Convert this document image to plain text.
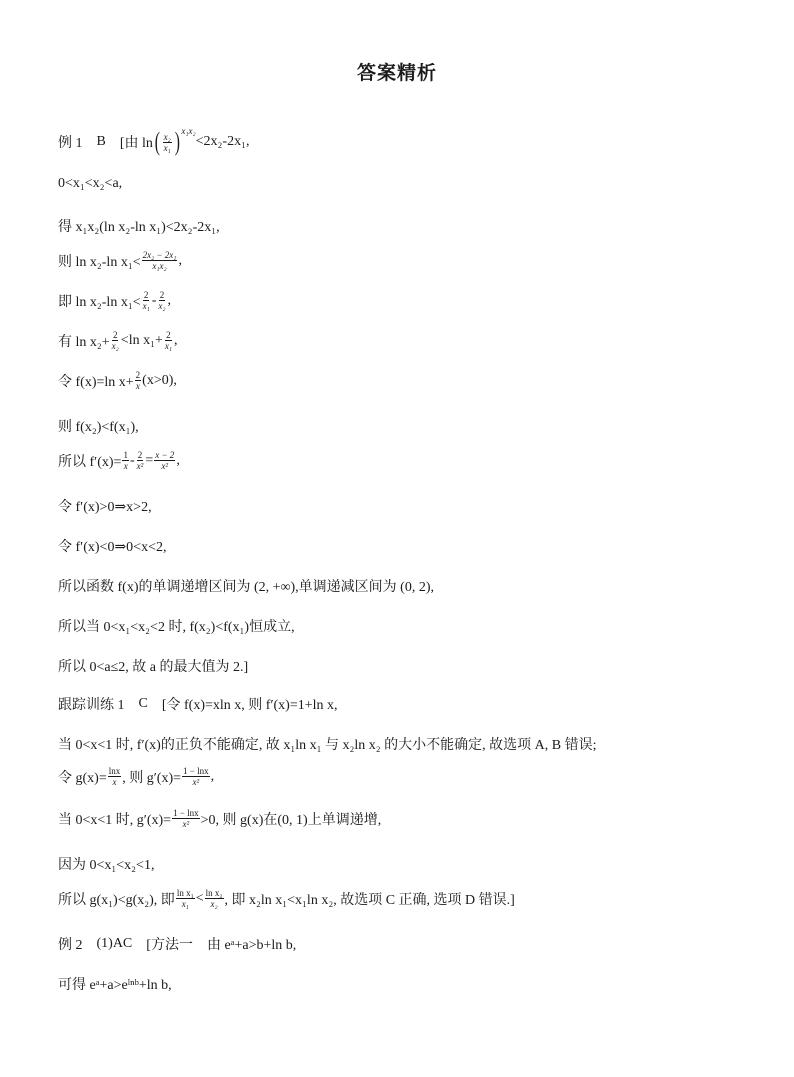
答案精析
例 1 B [由 ln ( $\frac{\text{x₂}}{\text{x₁}}$ ) x₁x₂
<2x₂-2x₁,
0<x₁<x₂<a,
得 x₁x₂(ln x₂-ln x₁)<2x₂-2x₁,
则 ln x₂-ln $x_1< \frac{\text{2x₂ − 2x₁}}{\text{x₁x₂}}$ ,
即 ln x₂-ln $x_1< \frac{2}{\text{x₁}} - \frac{2}{\text{x₂}}$ ,
有 $\ln x_2+ \frac{2}{\text{x₂}} <\ln$ $x_1+ \frac{2}{\text{x₁}}$ ,
令 f(x)=ln $x+ \frac{2}{x} (x>0)$,
则 f(x₂)<f(x₁),
所以 $f'(x)= \frac{1}{x} - \frac{2}{\text{x²}} = \frac{x - 2}{\text{x²}}$ ,
令 f′(x)>0⇒x>2,
令 f′(x)<0⇒0<x<2,
所以函数 f(x)的单调递增区间为 (2, +∞),单调递减区间为 (0, 2),
所以当 0<x₁<x₂<2 时, f(x₂)<f(x₁)恒成立,
所以 0<a≤2, 故 a 的最大值为 2.]
跟踪训练 1 C [令 f(x)=xln x, 则 f′(x)=1+ln x,
当 0<x<1 时, f′(x)的正负不能确定, 故 x₁ln x₁ 与 x₂ln x₂ 的大小不能确定, 故选项 A, B 错误;
令 $g(x)= \frac{\ln x}{x}$ , 则 $g'(x)= \frac{1 - \ln x}{\text{x²}}$ ,
当 0<x<1 时, $g'(x)= \frac{1 - \ln x}{\text{x²}} >0$, 则 g(x)在(0, 1)上单调递增,
因为 0<x₁<x₂<1,
所以 g(x₁)<g(x₂), 即 $\frac{\text{ln x₁}}{\text{x₁}} < \frac{\text{ln x₂}}{\text{x₂}}$ , 即 x₂ln x₁<x₁ln x₂, 故选项 C 正确, 选项 D 错误.]
例 2 (1)AC [方法一 由 eᵃ+a>b+ln b,
可得 eᵃ+a>eˡⁿᵇ+ln b,
